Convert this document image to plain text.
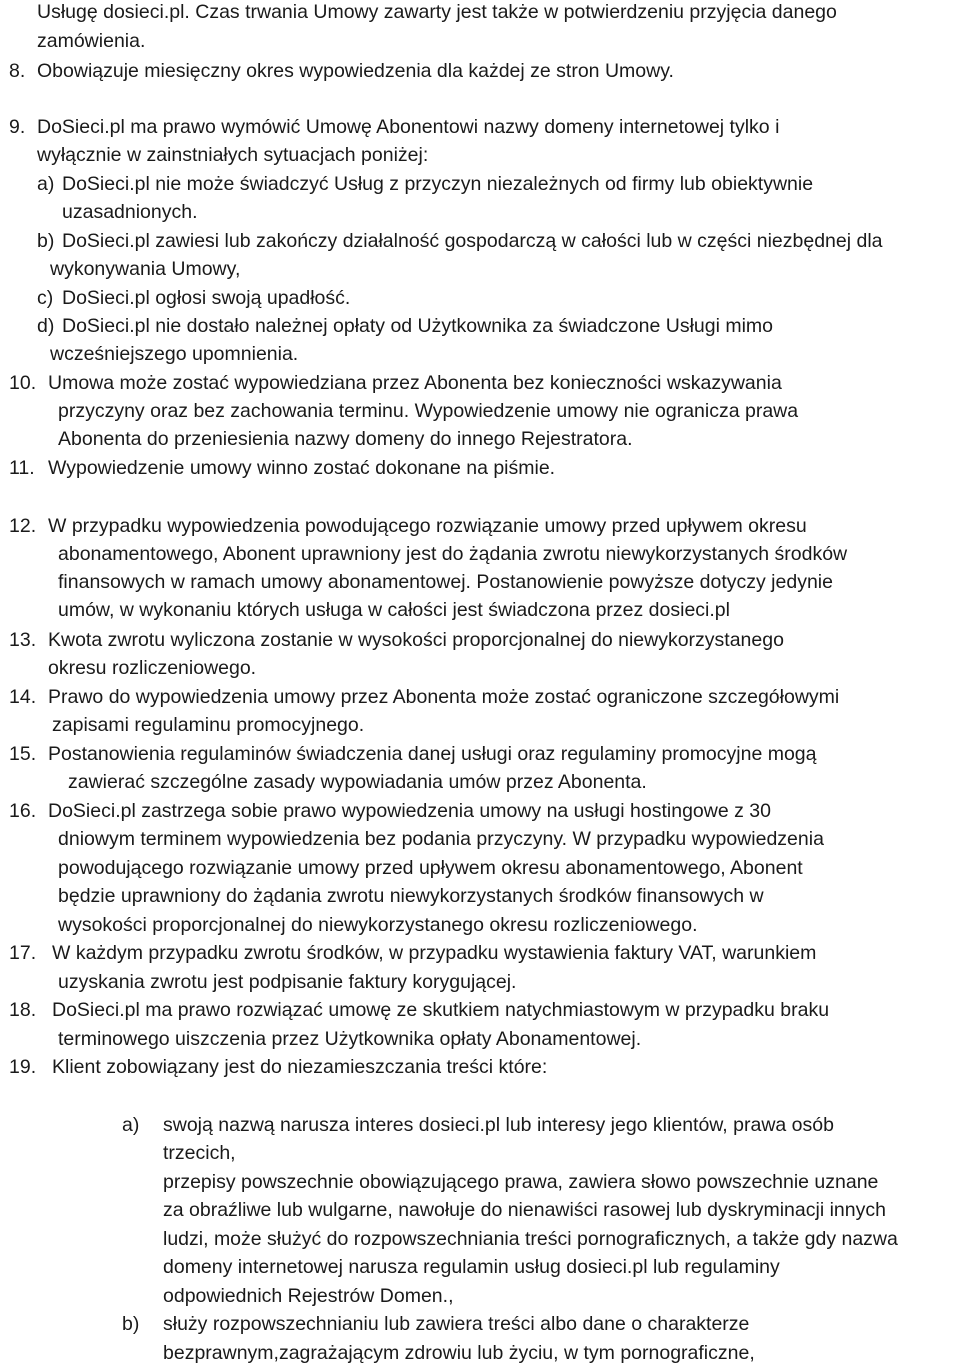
Usługę dosieci.pl. Czas trwania Umowy zawarty jest także w potwierdzeniu przyjęcia danego
zamówienia.
8. Obowiązuje miesięczny okres wypowiedzenia dla każdej ze stron Umowy.
9. DoSieci.pl ma prawo wymówić Umowę Abonentowi nazwy domeny internetowej tylko i
wyłącznie w zainstniałych sytuacjach poniżej:
a) DoSieci.pl nie może świadczyć Usług z przyczyn niezależnych od firmy lub obiektywnie
uzasadnionych.
b) DoSieci.pl zawiesi lub zakończy działalność gospodarczą w całości lub w części niezbędnej dla
wykonywania Umowy,
c) DoSieci.pl ogłosi swoją upadłość.
d) DoSieci.pl nie dostało należnej opłaty od Użytkownika za świadczone Usługi mimo
wcześniejszego upomnienia.
10. Umowa może zostać wypowiedziana przez Abonenta bez konieczności wskazywania
przyczyny oraz bez zachowania terminu. Wypowiedzenie umowy nie ogranicza prawa
Abonenta do przeniesienia nazwy domeny do innego Rejestratora.
11. Wypowiedzenie umowy winno zostać dokonane na piśmie.
12. W przypadku wypowiedzenia powodującego rozwiązanie umowy przed upływem okresu
abonamentowego, Abonent uprawniony jest do żądania zwrotu niewykorzystanych środków
finansowych w ramach umowy abonamentowej. Postanowienie powyższe dotyczy jedynie
umów, w wykonaniu których usługa w całości jest świadczona przez dosieci.pl
13. Kwota zwrotu wyliczona zostanie w wysokości proporcjonalnej do niewykorzystanego
okresu rozliczeniowego.
14. Prawo do wypowiedzenia umowy przez Abonenta może zostać ograniczone szczegółowymi
zapisami regulaminu promocyjnego.
15. Postanowienia regulaminów świadczenia danej usługi oraz regulaminy promocyjne mogą
zawierać szczególne zasady wypowiadania umów przez Abonenta.
16. DoSieci.pl zastrzega sobie prawo wypowiedzenia umowy na usługi hostingowe z 30
dniowym terminem wypowiedzenia bez podania przyczyny. W przypadku wypowiedzenia
powodującego rozwiązanie umowy przed upływem okresu abonamentowego, Abonent
będzie uprawniony do żądania zwrotu niewykorzystanych środków finansowych w
wysokości proporcjonalnej do niewykorzystanego okresu rozliczeniowego.
17. W każdym przypadku zwrotu środków, w przypadku wystawienia faktury VAT, warunkiem
uzyskania zwrotu jest podpisanie faktury korygującej.
18. DoSieci.pl ma prawo rozwiązać umowę ze skutkiem natychmiastowym w przypadku braku
terminowego uiszczenia przez Użytkownika opłaty Abonamentowej.
19. Klient zobowiązany jest do niezamieszczania treści które:
a) swoją nazwą narusza interes dosieci.pl lub interesy jego klientów, prawa osób
trzecich,
przepisy powszechnie obowiązującego prawa, zawiera słowo powszechnie uznane
za obraźliwe lub wulgarne, nawołuje do nienawiści rasowej lub dyskryminacji innych
ludzi, może służyć do rozpowszechniania treści pornograficznych, a także gdy nazwa
domeny internetowej narusza regulamin usług dosieci.pl lub regulaminy
odpowiednich Rejestrów Domen.,
b) służy rozpowszechnianiu lub zawiera treści albo dane o charakterze
bezprawnym,zagrażającym zdrowiu lub życiu, w tym pornograficzne,
